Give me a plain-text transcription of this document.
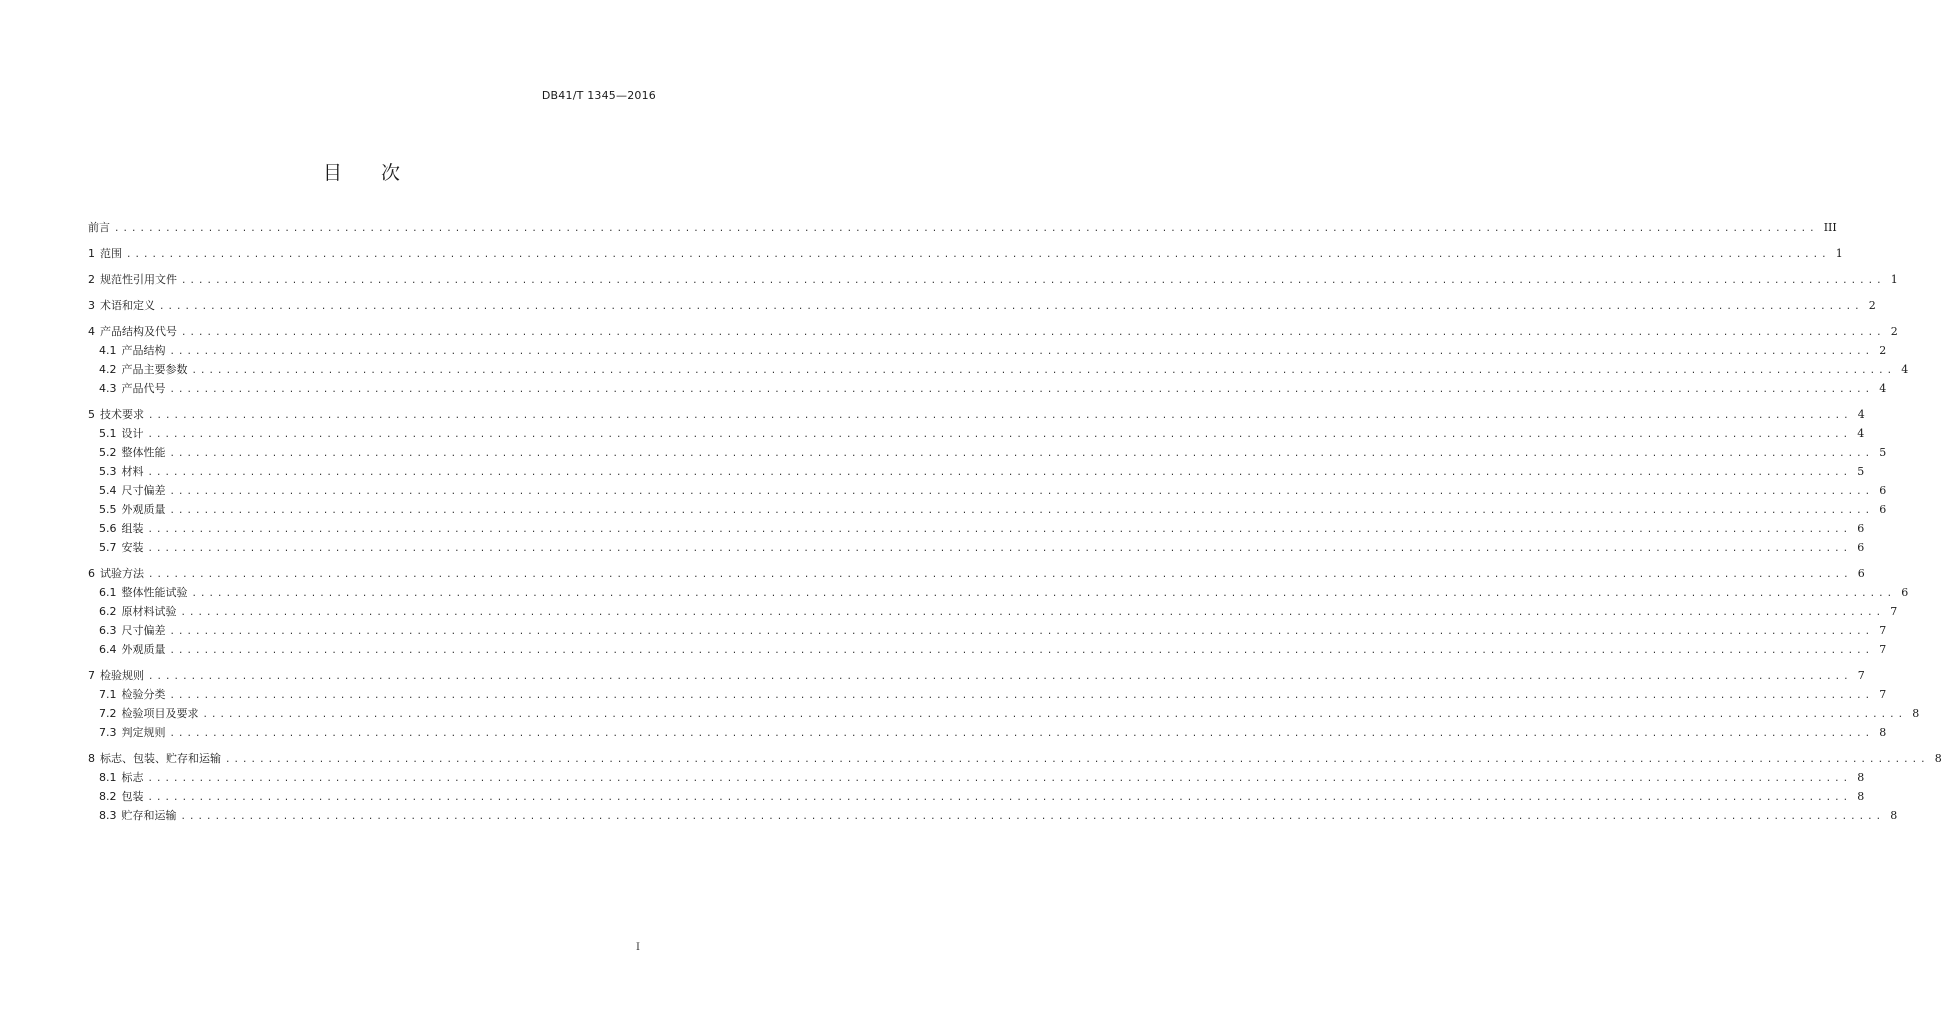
DB41/T 1345—2016
目 次
前言 ........................................................................................................................................................................................................ III
1 范围 ........................................................................................................................................................................................................ 1
2 规范性引用文件 ........................................................................................................................................................................................................ 1
3 术语和定义 ........................................................................................................................................................................................................ 2
4 产品结构及代号 ........................................................................................................................................................................................................ 2
4.1 产品结构 ........................................................................................................................................................................................................ 2
4.2 产品主要参数 ........................................................................................................................................................................................................ 4
4.3 产品代号 ........................................................................................................................................................................................................ 4
5 技术要求 ........................................................................................................................................................................................................ 4
5.1 设计 ........................................................................................................................................................................................................ 4
5.2 整体性能 ........................................................................................................................................................................................................ 5
5.3 材料 ........................................................................................................................................................................................................ 5
5.4 尺寸偏差 ........................................................................................................................................................................................................ 6
5.5 外观质量 ........................................................................................................................................................................................................ 6
5.6 组装 ........................................................................................................................................................................................................ 6
5.7 安装 ........................................................................................................................................................................................................ 6
6 试验方法 ........................................................................................................................................................................................................ 6
6.1 整体性能试验 ........................................................................................................................................................................................................ 6
6.2 原材料试验 ........................................................................................................................................................................................................ 7
6.3 尺寸偏差 ........................................................................................................................................................................................................ 7
6.4 外观质量 ........................................................................................................................................................................................................ 7
7 检验规则 ........................................................................................................................................................................................................ 7
7.1 检验分类 ........................................................................................................................................................................................................ 7
7.2 检验项目及要求 ........................................................................................................................................................................................................ 8
7.3 判定规则 ........................................................................................................................................................................................................ 8
8 标志、包装、贮存和运输 ........................................................................................................................................................................................................ 8
8.1 标志 ........................................................................................................................................................................................................ 8
8.2 包装 ........................................................................................................................................................................................................ 8
8.3 贮存和运输 ........................................................................................................................................................................................................ 8
I
